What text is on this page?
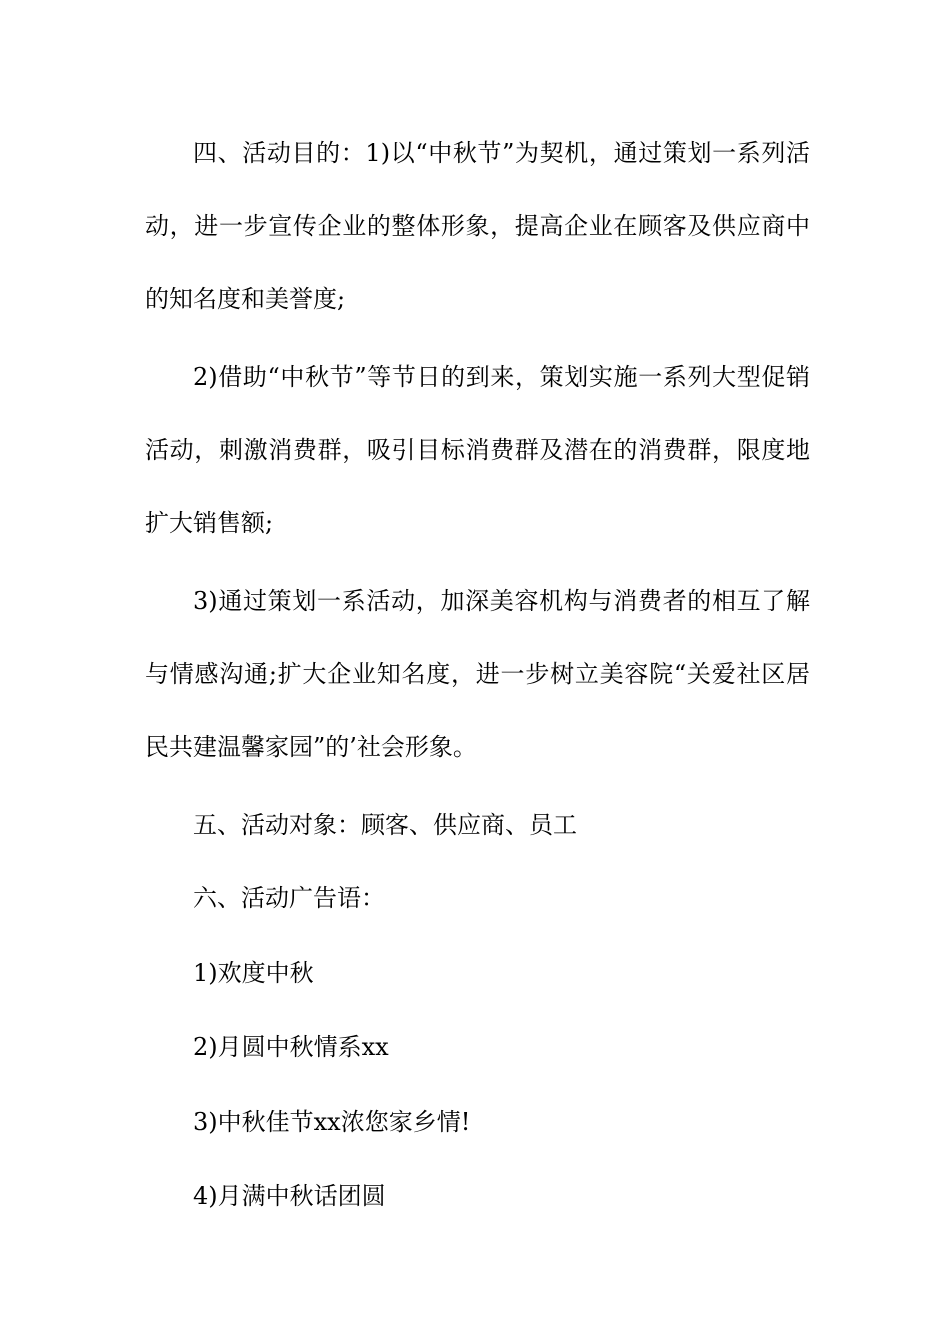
四、活动目的：1)以“中秋节”为契机，通过策划一系列活动，进一步宣传企业的整体形象，提高企业在顾客及供应商中的知名度和美誉度;

2)借助“中秋节”等节日的到来，策划实施一系列大型促销活动，刺激消费群，吸引目标消费群及潜在的消费群，限度地扩大销售额;

3)通过策划一系活动，加深美容机构与消费者的相互了解与情感沟通;扩大企业知名度，进一步树立美容院“关爱社区居民共建温馨家园”的’社会形象。

五、活动对象：顾客、供应商、员工

六、活动广告语：

1)欢度中秋

2)月圆中秋情系xx

3)中秋佳节xx浓您家乡情!

4)月满中秋话团圆
